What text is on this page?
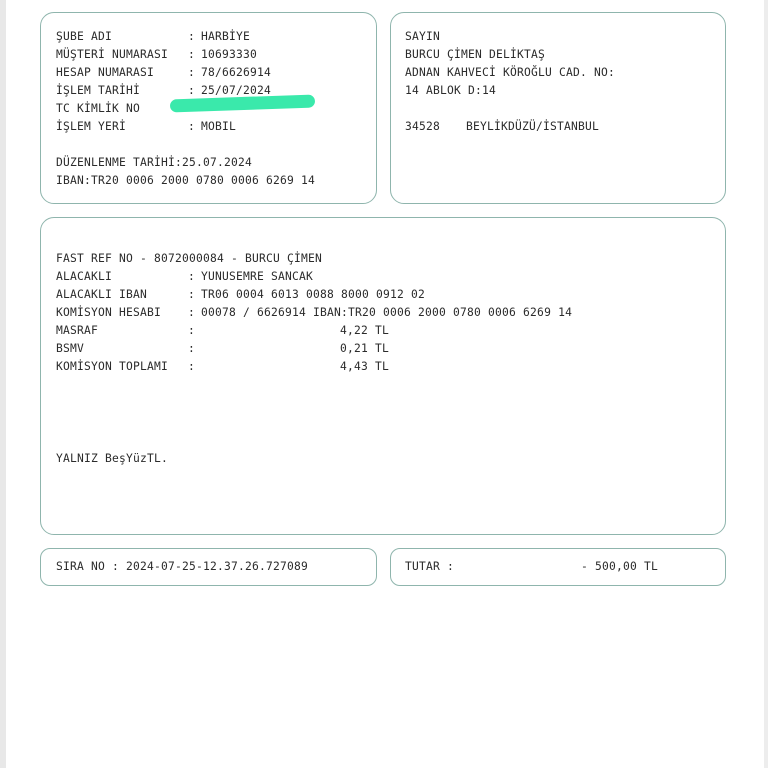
ŞUBE ADI	: HARBİYE
MÜŞTERİ NUMARASI : 10693330
HESAP NUMARASI	: 78/6626914
İŞLEM TARİHİ	: 25/07/2024
TC KİMLİK NO
İŞLEM YERİ	: MOBIL
DÜZENLENME TARİHİ:25.07.2024
IBAN:TR20 0006 2000 0780 0006 6269 14
SAYIN
BURCU ÇİMEN DELİKTAŞ
ADNAN KAHVECİ KÖROĞLU CAD. NO:
14 ABLOK D:14
34528 BEYLİKDÜZÜ/İSTANBUL
FAST REF NO - 8072000084 - BURCU ÇİMEN
ALACAKLI	: YUNUSEMRE SANCAK
ALACAKLI IBAN	: TR06 0004 6013 0088 8000 0912 02
KOMİSYON HESABI : 00078 / 6626914 IBAN:TR20 0006 2000 0780 0006 6269 14
MASRAF	:	4,22 TL
BSMV	:	0,21 TL
KOMİSYON TOPLAMI :	4,43 TL
YALNIZ BeşYüzTL.
SIRA NO : 2024-07-25-12.37.26.727089	TUTAR :	- 500,00 TL
